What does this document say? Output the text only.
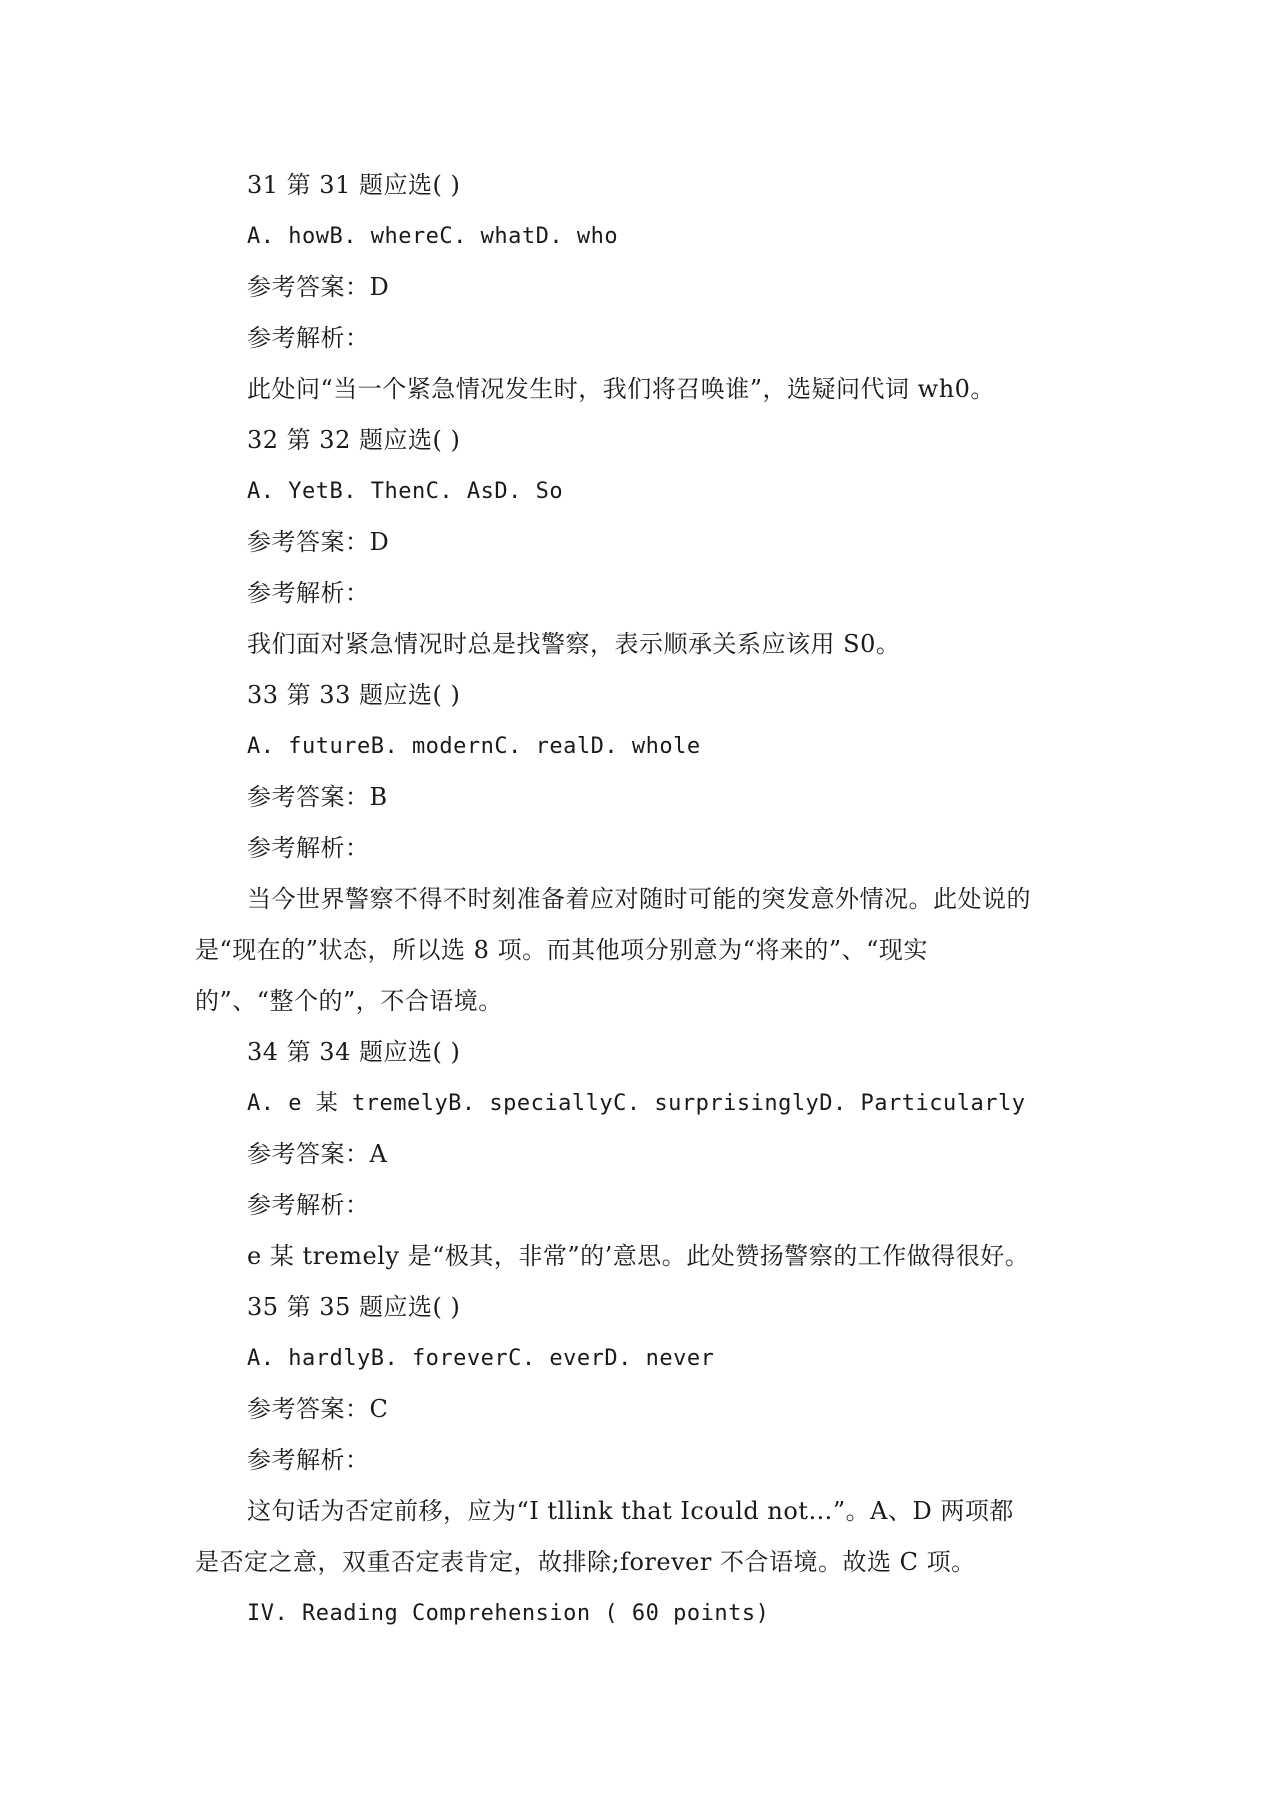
31 第 31 题应选( )
A. howB. whereC. whatD. who
参考答案：D
参考解析：
此处问“当一个紧急情况发生时，我们将召唤谁”，选疑问代词 wh0。
32 第 32 题应选( )
A. YetB. ThenC. AsD. So
参考答案：D
参考解析：
我们面对紧急情况时总是找警察，表示顺承关系应该用 S0。
33 第 33 题应选( )
A. futureB. modernC. realD. whole
参考答案：B
参考解析：
当今世界警察不得不时刻准备着应对随时可能的突发意外情况。此处说的
是“现在的”状态，所以选 8 项。而其他项分别意为“将来的”、“现实
的”、“整个的”，不合语境。
34 第 34 题应选( )
A. e 某 tremelyB. speciallyC. surprisinglyD. Particularly
参考答案：A
参考解析：
e 某 tremely 是“极其，非常”的’意思。此处赞扬警察的工作做得很好。
35 第 35 题应选( )
A. hardlyB. foreverC. everD. never
参考答案：C
参考解析：
这句话为否定前移，应为“I tllink that Icould not…”。A、D 两项都
是否定之意，双重否定表肯定，故排除;forever 不合语境。故选 C 项。
IV. Reading Comprehension ( 60 points)
